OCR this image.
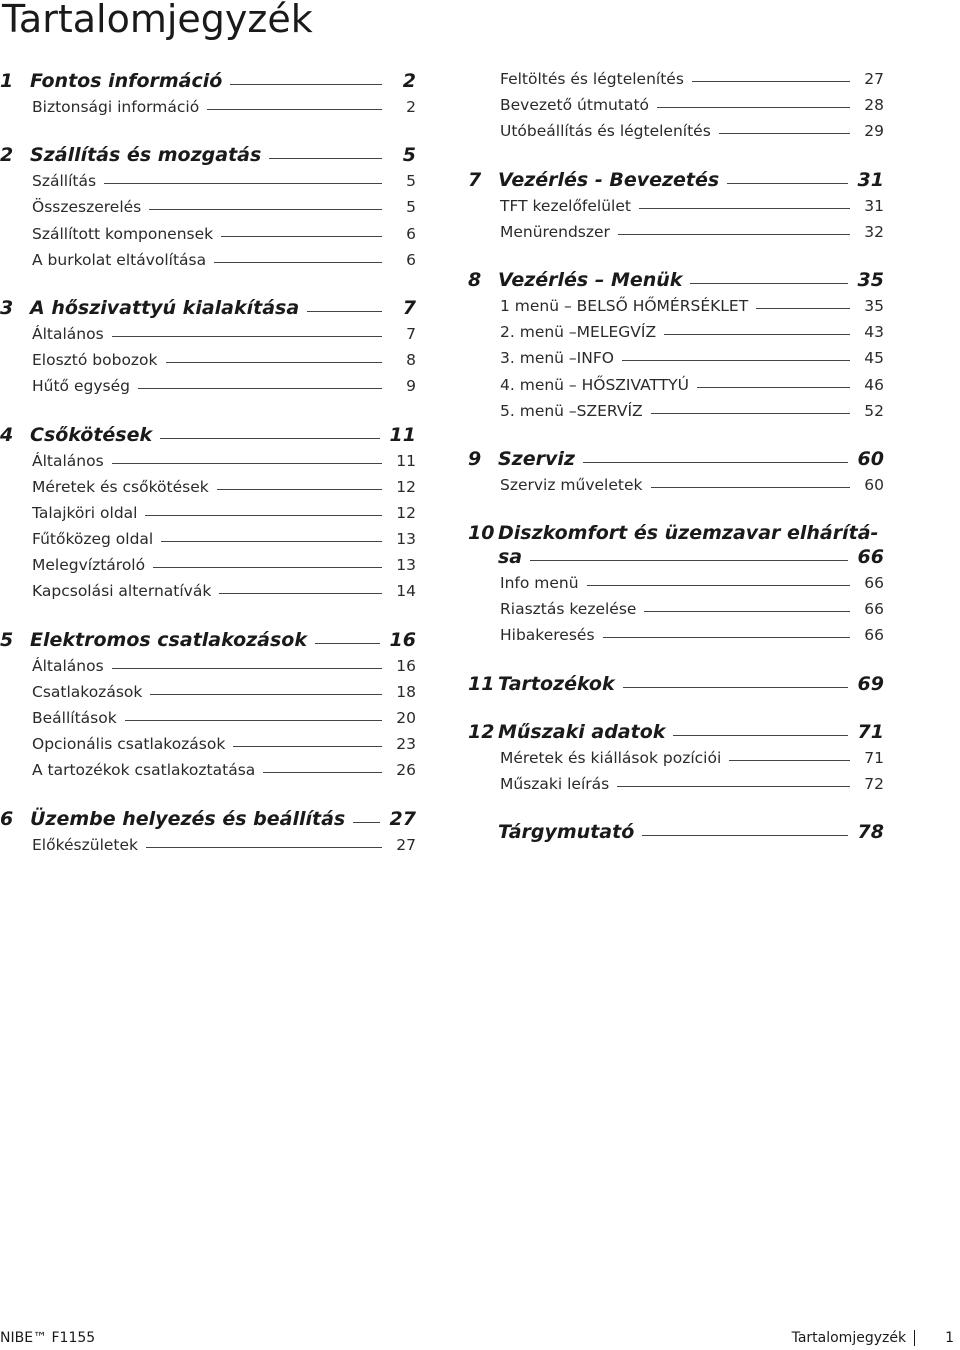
Tartalomjegyzék
1 Fontos információ	2
Biztonsági információ	2
2 Szállítás és mozgatás	5
Szállítás	5
Összeszerelés	5
Szállított komponensek	6
A burkolat eltávolítása	6
3 A hőszivattyú kialakítása	7
Általános	7
Elosztó bobozok	8
Hűtő egység	9
4 Csőkötések	11
Általános	11
Méretek és csőkötések	12
Talajköri oldal	12
Fűtőközeg oldal	13
Melegvíztároló	13
Kapcsolási alternatívák	14
5 Elektromos csatlakozások	16
Általános	16
Csatlakozások	18
Beállítások	20
Opcionális csatlakozások	23
A tartozékok csatlakoztatása	26
6 Üzembe helyezés és beállítás 27
Előkészületek	27
Feltöltés és légtelenítés	27
Bevezető útmutató	28
Utóbeállítás és légtelenítés	29
7 Vezérlés - Bevezetés	31
TFT kezelőfelület	31
Menürendszer	32
8 Vezérlés – Menük	35
1 menü – BELSŐ HŐMÉRSÉKLET	35
2. menü –MELEGVÍZ	43
3. menü –INFO	45
4. menü – HŐSZIVATTYÚ	46
5. menü –SZERVÍZ	52
9 Szerviz	60
Szerviz műveletek	60
10 Diszkomfort és üzemzavar elhárítá-
sa	66
Info menü	66
Riasztás kezelése	66
Hibakeresés	66
11 Tartozékok	69
12 Műszaki adatok	71
Méretek és kiállások pozíciói	71
Műszaki leírás	72
Tárgymutató	78
NIBE™ F1155	Tartalomjegyzék	1
